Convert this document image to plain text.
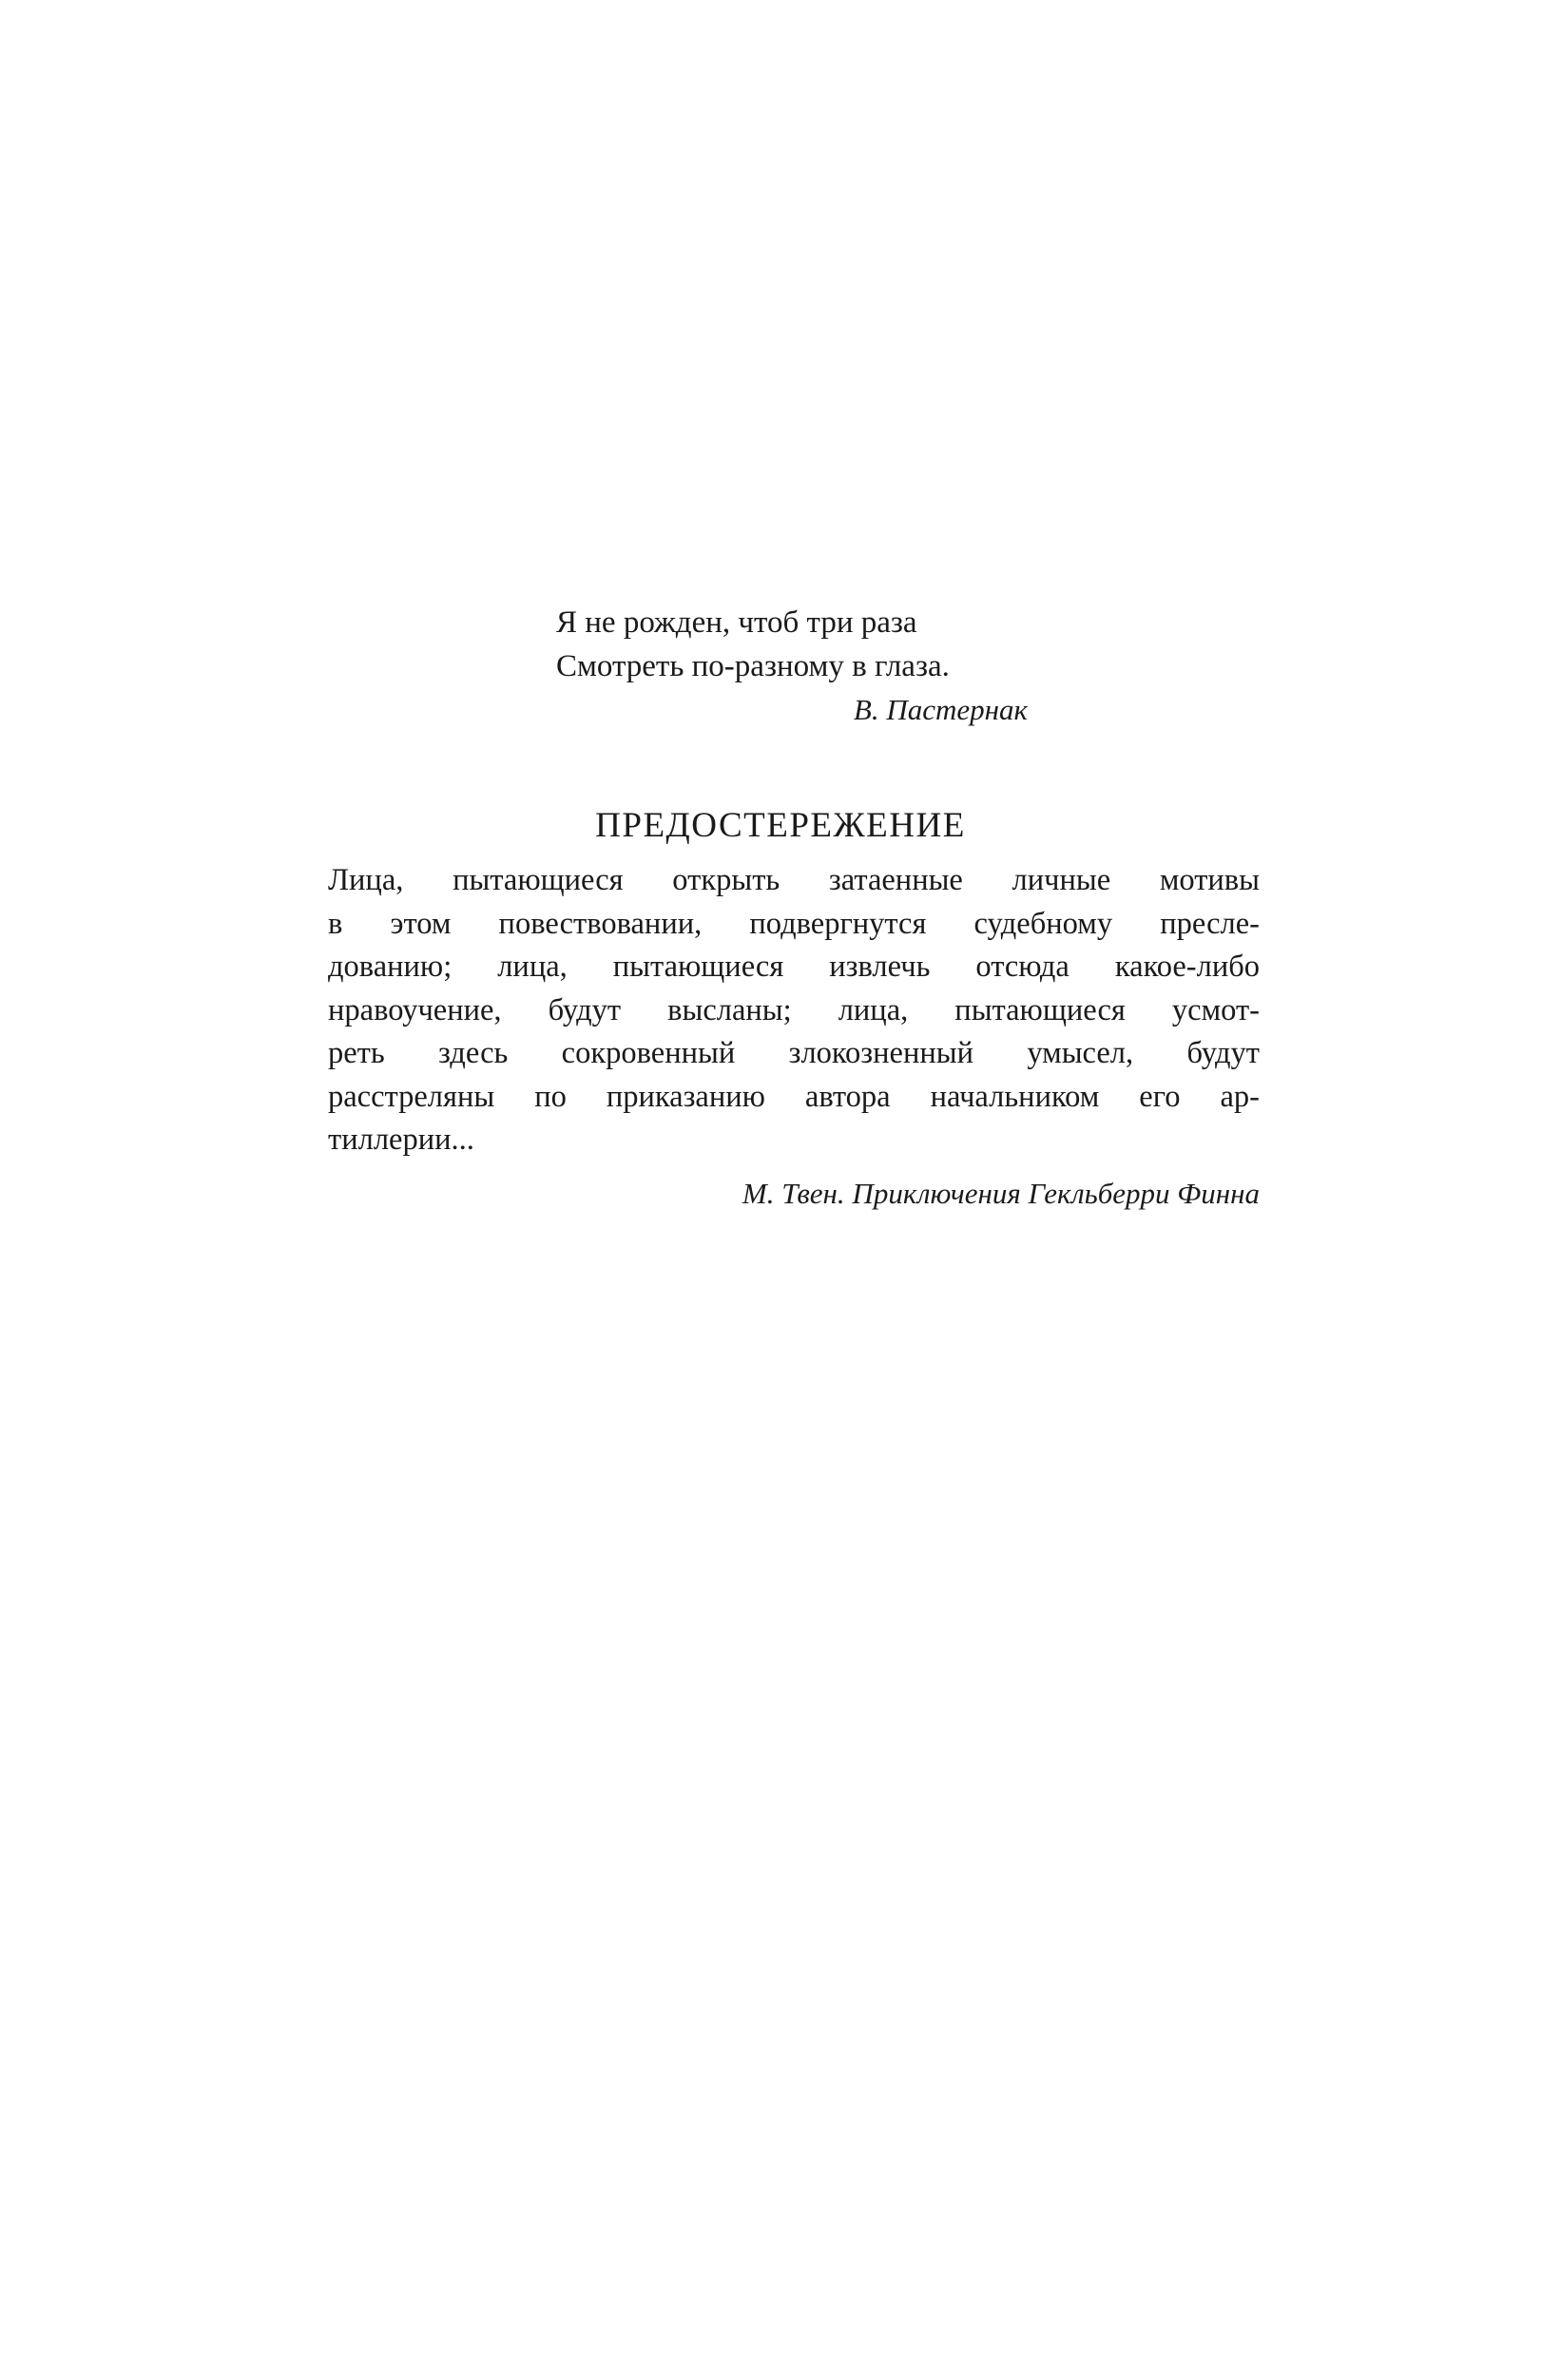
Я не рожден, чтоб три раза
Смотреть по-разному в глаза.
В. Пастернак
ПРЕДОСТЕРЕЖЕНИЕ
Лица, пытающиеся открыть затаенные личные мотивы
в этом повествовании, подвергнутся судебному пресле-
дованию; лица, пытающиеся извлечь отсюда какое-либо
нравоучение, будут высланы; лица, пытающиеся усмот-
реть здесь сокровенный злокозненный умысел, будут
расстреляны по приказанию автора начальником его ар-
тиллерии...
М. Твен. Приключения Гекльберри Финна
